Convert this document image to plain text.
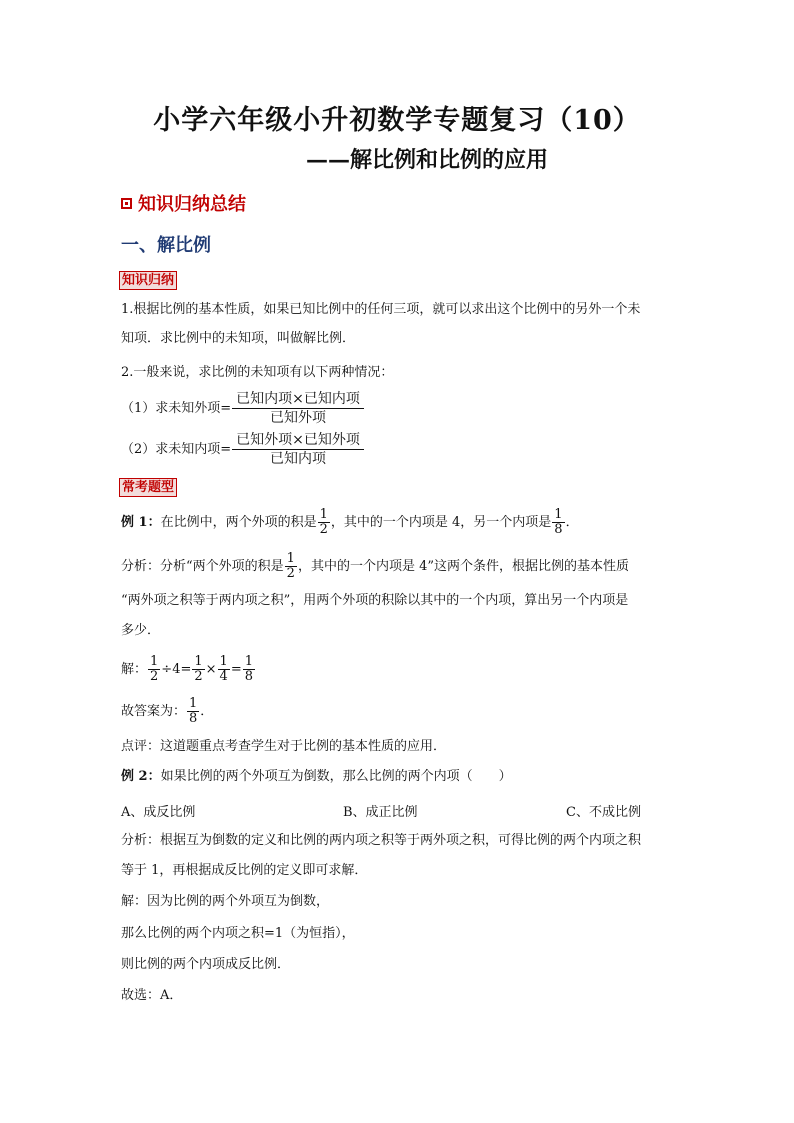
小学六年级小升初数学专题复习（10）
——解比例和比例的应用
知识归纳总结
一、解比例
知识归纳
1.根据比例的基本性质，如果已知比例中的任何三项，就可以求出这个比例中的另外一个未
知项．求比例中的未知项，叫做解比例．
2.一般来说，求比例的未知项有以下两种情况：
（1）求未知外项= $\frac{\text{已知内项×已知内项}}{\text{已知外项}}$
（2）求未知内项= $\frac{\text{已知外项×已知外项}}{\text{已知内项}}$
常考题型
例 1：在比例中，两个外项的积是 $\frac{1}{2}$ ，其中的一个内项是 4，另一个内项是 $\frac{1}{8}$ ．
分析：分析“两个外项的积是 $\frac{1}{2}$ ，其中的一个内项是 4”这两个条件，根据比例的基本性质
“两外项之积等于两内项之积”，用两个外项的积除以其中的一个内项，算出另一个内项是
多少．
解： $\frac{1}{2} \div 4= \frac{1}{2} \times \frac{1}{4} = \frac{1}{8}$
故答案为： $\frac{1}{8}$ ．
点评：这道题重点考查学生对于比例的基本性质的应用．
例 2：如果比例的两个外项互为倒数，那么比例的两个内项（　　）
A、成反比例	B、成正比例	C、不成比例
分析：根据互为倒数的定义和比例的两内项之积等于两外项之积，可得比例的两个内项之积
等于 1，再根据成反比例的定义即可求解．
解：因为比例的两个外项互为倒数，
那么比例的两个内项之积=1（为恒指），
则比例的两个内项成反比例．
故选：A．
